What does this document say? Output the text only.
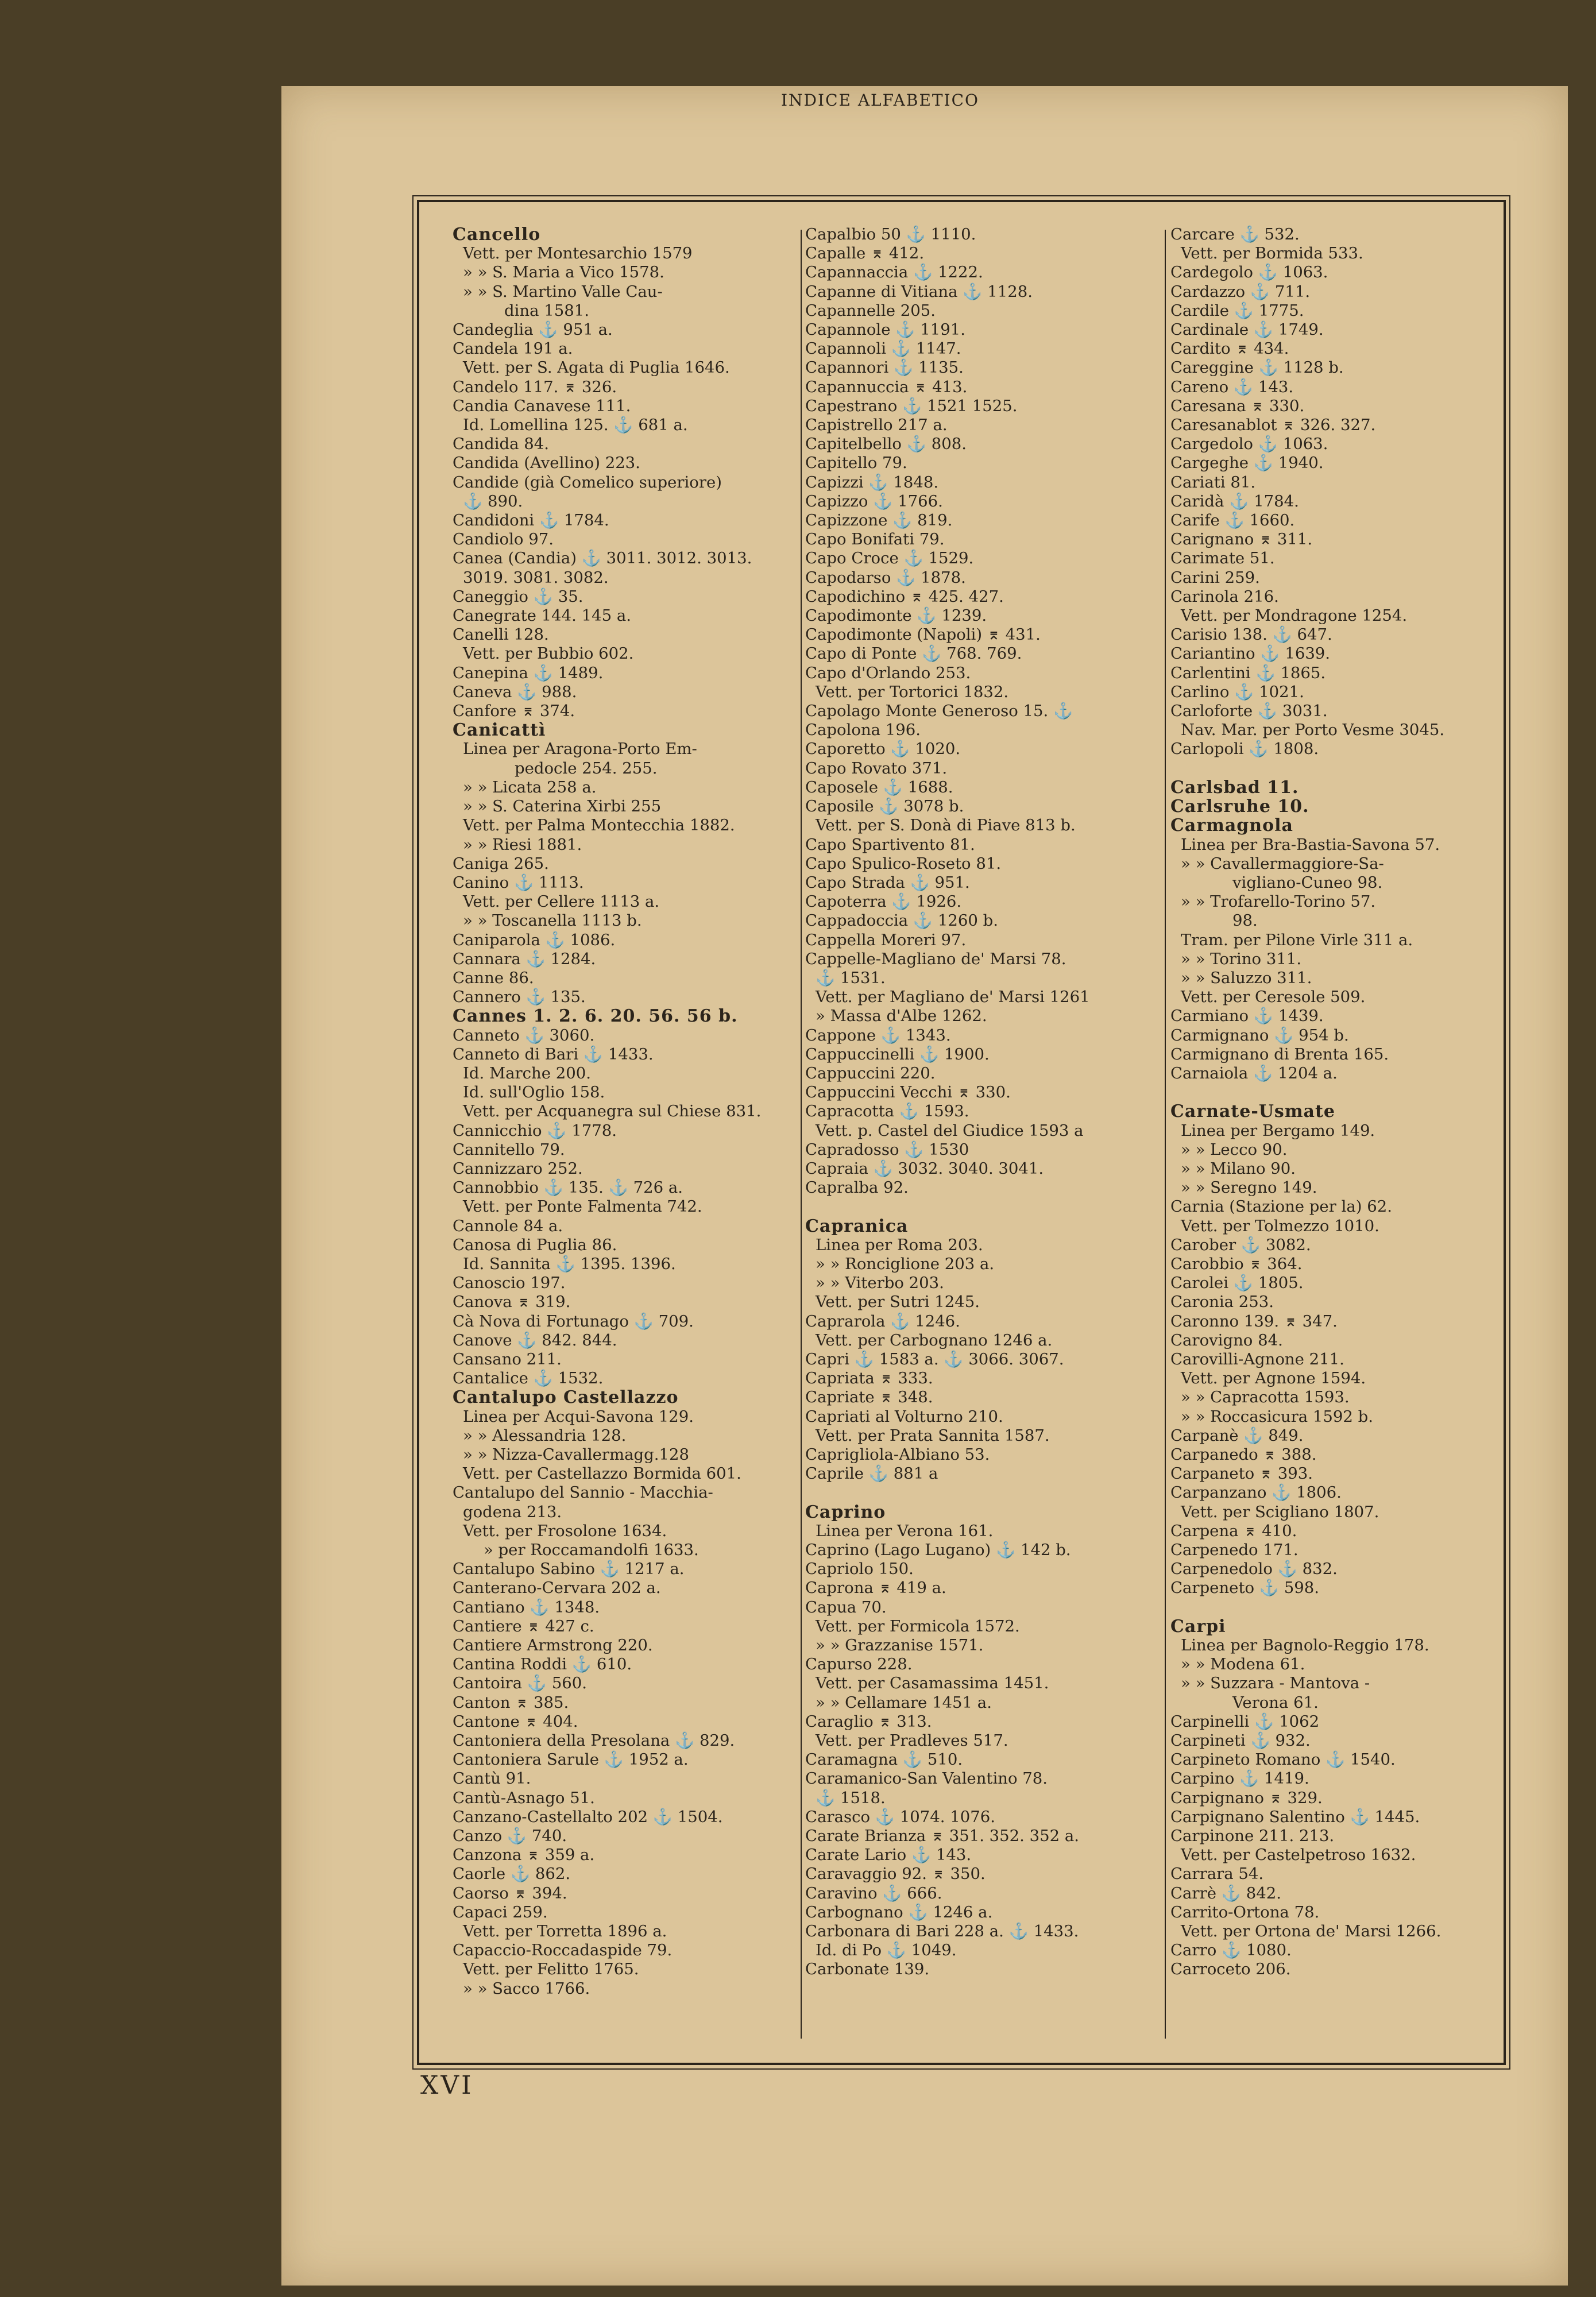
INDICE ALFABETICO
Cancello
Vett. per Montesarchio 1579
» » S. Maria a Vico 1578.
» » S. Martino Valle Cau-
dina 1581.
Candeglia ⚓ 951 a.
Candela 191 a.
Vett. per S. Agata di Puglia 1646.
Candelo 117. ⌆ 326.
Candia Canavese 111.
Id. Lomellina 125. ⚓ 681 a.
Candida 84.
Candida (Avellino) 223.
Candide (già Comelico superiore)
⚓ 890.
Candidoni ⚓ 1784.
Candiolo 97.
Canea (Candia) ⚓ 3011. 3012. 3013.
3019. 3081. 3082.
Caneggio ⚓ 35.
Canegrate 144. 145 a.
Canelli 128.
Vett. per Bubbio 602.
Canepina ⚓ 1489.
Caneva ⚓ 988.
Canfore ⌆ 374.
Canicattì
Linea per Aragona-Porto Em-
pedocle 254. 255.
» » Licata 258 a.
» » S. Caterina Xirbi 255
Vett. per Palma Montecchia 1882.
» » Riesi 1881.
Caniga 265.
Canino ⚓ 1113.
Vett. per Cellere 1113 a.
» » Toscanella 1113 b.
Caniparola ⚓ 1086.
Cannara ⚓ 1284.
Canne 86.
Cannero ⚓ 135.
Cannes 1. 2. 6. 20. 56. 56 b.
Canneto ⚓ 3060.
Canneto di Bari ⚓ 1433.
Id. Marche 200.
Id. sull'Oglio 158.
Vett. per Acquanegra sul Chiese 831.
Cannicchio ⚓ 1778.
Cannitello 79.
Cannizzaro 252.
Cannobbio ⚓ 135. ⚓ 726 a.
Vett. per Ponte Falmenta 742.
Cannole 84 a.
Canosa di Puglia 86.
Id. Sannita ⚓ 1395. 1396.
Canoscio 197.
Canova ⌆ 319.
Cà Nova di Fortunago ⚓ 709.
Canove ⚓ 842. 844.
Cansano 211.
Cantalice ⚓ 1532.
Cantalupo Castellazzo
Linea per Acqui-Savona 129.
» » Alessandria 128.
» » Nizza-Cavallermagg.128
Vett. per Castellazzo Bormida 601.
Cantalupo del Sannio - Macchia-
godena 213.
Vett. per Frosolone 1634.
» per Roccamandolfi 1633.
Cantalupo Sabino ⚓ 1217 a.
Canterano-Cervara 202 a.
Cantiano ⚓ 1348.
Cantiere ⌆ 427 c.
Cantiere Armstrong 220.
Cantina Roddi ⚓ 610.
Cantoira ⚓ 560.
Canton ⌆ 385.
Cantone ⌆ 404.
Cantoniera della Presolana ⚓ 829.
Cantoniera Sarule ⚓ 1952 a.
Cantù 91.
Cantù-Asnago 51.
Canzano-Castellalto 202 ⚓ 1504.
Canzo ⚓ 740.
Canzona ⌆ 359 a.
Caorle ⚓ 862.
Caorso ⌆ 394.
Capaci 259.
Vett. per Torretta 1896 a.
Capaccio-Roccadaspide 79.
Vett. per Felitto 1765.
» » Sacco 1766.
Capalbio 50 ⚓ 1110.
Capalle ⌆ 412.
Capannaccia ⚓ 1222.
Capanne di Vitiana ⚓ 1128.
Capannelle 205.
Capannole ⚓ 1191.
Capannoli ⚓ 1147.
Capannori ⚓ 1135.
Capannuccia ⌆ 413.
Capestrano ⚓ 1521 1525.
Capistrello 217 a.
Capitelbello ⚓ 808.
Capitello 79.
Capizzi ⚓ 1848.
Capizzo ⚓ 1766.
Capizzone ⚓ 819.
Capo Bonifati 79.
Capo Croce ⚓ 1529.
Capodarso ⚓ 1878.
Capodichino ⌆ 425. 427.
Capodimonte ⚓ 1239.
Capodimonte (Napoli) ⌆ 431.
Capo di Ponte ⚓ 768. 769.
Capo d'Orlando 253.
Vett. per Tortorici 1832.
Capolago Monte Generoso 15. ⚓
Capolona 196.
Caporetto ⚓ 1020.
Capo Rovato 371.
Caposele ⚓ 1688.
Caposile ⚓ 3078 b.
Vett. per S. Donà di Piave 813 b.
Capo Spartivento 81.
Capo Spulico-Roseto 81.
Capo Strada ⚓ 951.
Capoterra ⚓ 1926.
Cappadoccia ⚓ 1260 b.
Cappella Moreri 97.
Cappelle-Magliano de' Marsi 78.
⚓ 1531.
Vett. per Magliano de' Marsi 1261
» Massa d'Albe 1262.
Cappone ⚓ 1343.
Cappuccinelli ⚓ 1900.
Cappuccini 220.
Cappuccini Vecchi ⌆ 330.
Capracotta ⚓ 1593.
Vett. p. Castel del Giudice 1593 a
Capradosso ⚓ 1530
Capraia ⚓ 3032. 3040. 3041.
Capralba 92.

Capranica
Linea per Roma 203.
» » Ronciglione 203 a.
» » Viterbo 203.
Vett. per Sutri 1245.
Caprarola ⚓ 1246.
Vett. per Carbognano 1246 a.
Capri ⚓ 1583 a. ⚓ 3066. 3067.
Capriata ⌆ 333.
Capriate ⌆ 348.
Capriati al Volturno 210.
Vett. per Prata Sannita 1587.
Caprigliola-Albiano 53.
Caprile ⚓ 881 a

Caprino
Linea per Verona 161.
Caprino (Lago Lugano) ⚓ 142 b.
Capriolo 150.
Caprona ⌆ 419 a.
Capua 70.
Vett. per Formicola 1572.
» » Grazzanise 1571.
Capurso 228.
Vett. per Casamassima 1451.
» » Cellamare 1451 a.
Caraglio ⌆ 313.
Vett. per Pradleves 517.
Caramagna ⚓ 510.
Caramanico-San Valentino 78.
⚓ 1518.
Carasco ⚓ 1074. 1076.
Carate Brianza ⌆ 351. 352. 352 a.
Carate Lario ⚓ 143.
Caravaggio 92. ⌆ 350.
Caravino ⚓ 666.
Carbognano ⚓ 1246 a.
Carbonara di Bari 228 a. ⚓ 1433.
Id. di Po ⚓ 1049.
Carbonate 139.
Carcare ⚓ 532.
Vett. per Bormida 533.
Cardegolo ⚓ 1063.
Cardazzo ⚓ 711.
Cardile ⚓ 1775.
Cardinale ⚓ 1749.
Cardito ⌆ 434.
Careggine ⚓ 1128 b.
Careno ⚓ 143.
Caresana ⌆ 330.
Caresanablot ⌆ 326. 327.
Cargedolo ⚓ 1063.
Cargeghe ⚓ 1940.
Cariati 81.
Caridà ⚓ 1784.
Carife ⚓ 1660.
Carignano ⌆ 311.
Carimate 51.
Carini 259.
Carinola 216.
Vett. per Mondragone 1254.
Carisio 138. ⚓ 647.
Cariantino ⚓ 1639.
Carlentini ⚓ 1865.
Carlino ⚓ 1021.
Carloforte ⚓ 3031.
Nav. Mar. per Porto Vesme 3045.
Carlopoli ⚓ 1808.

Carlsbad 11.
Carlsruhe 10.
Carmagnola
Linea per Bra-Bastia-Savona 57.
» » Cavallermaggiore-Sa-
vigliano-Cuneo 98.
» » Trofarello-Torino 57.
98.
Tram. per Pilone Virle 311 a.
» » Torino 311.
» » Saluzzo 311.
Vett. per Ceresole 509.
Carmiano ⚓ 1439.
Carmignano ⚓ 954 b.
Carmignano di Brenta 165.
Carnaiola ⚓ 1204 a.

Carnate-Usmate
Linea per Bergamo 149.
» » Lecco 90.
» » Milano 90.
» » Seregno 149.
Carnia (Stazione per la) 62.
Vett. per Tolmezzo 1010.
Carober ⚓ 3082.
Carobbio ⌆ 364.
Carolei ⚓ 1805.
Caronia 253.
Caronno 139. ⌆ 347.
Carovigno 84.
Carovilli-Agnone 211.
Vett. per Agnone 1594.
» » Capracotta 1593.
» » Roccasicura 1592 b.
Carpanè ⚓ 849.
Carpanedo ⌆ 388.
Carpaneto ⌆ 393.
Carpanzano ⚓ 1806.
Vett. per Scigliano 1807.
Carpena ⌆ 410.
Carpenedo 171.
Carpenedolo ⚓ 832.
Carpeneto ⚓ 598.

Carpi
Linea per Bagnolo-Reggio 178.
» » Modena 61.
» » Suzzara - Mantova -
Verona 61.
Carpinelli ⚓ 1062
Carpineti ⚓ 932.
Carpineto Romano ⚓ 1540.
Carpino ⚓ 1419.
Carpignano ⌆ 329.
Carpignano Salentino ⚓ 1445.
Carpinone 211. 213.
Vett. per Castelpetroso 1632.
Carrara 54.
Carrè ⚓ 842.
Carrito-Ortona 78.
Vett. per Ortona de' Marsi 1266.
Carro ⚓ 1080.
Carroceto 206.
XVI
